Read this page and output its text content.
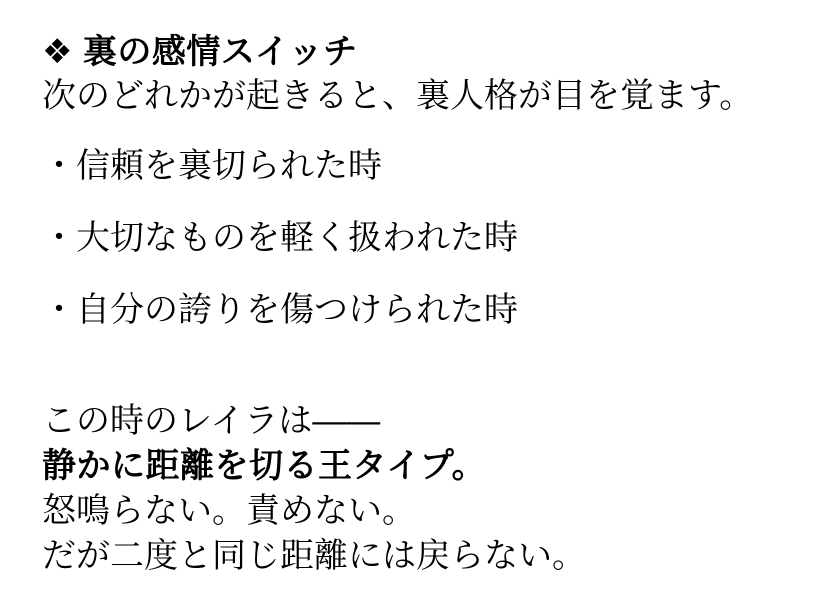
❖ 裏の感情スイッチ
次のどれかが起きると、裏人格が目を覚ます。
・信頼を裏切られた時
・大切なものを軽く扱われた時
・自分の誇りを傷つけられた時
この時のレイラは――
静かに距離を切る王タイプ。
怒鳴らない。責めない。
だが二度と同じ距離には戻らない。
